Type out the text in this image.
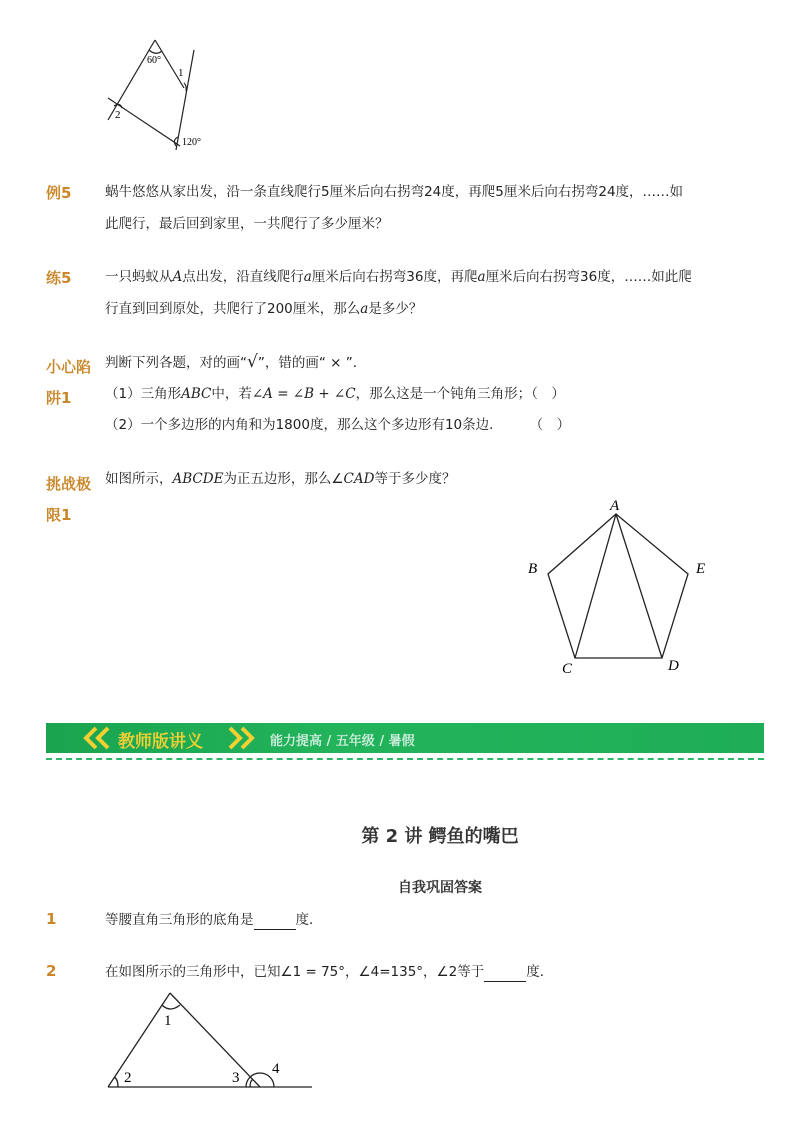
60°
1
2
120°
例5 蜗牛悠悠从家出发，沿一条直线爬行5厘米后向右拐弯24度，再爬5厘米后向右拐弯24度，……如
此爬行，最后回到家里，一共爬行了多少厘米？
练5 一只蚂蚁从A点出发，沿直线爬行a厘米后向右拐弯36度，再爬a厘米后向右拐弯36度，……如此爬
行直到回到原处，共爬行了200厘米，那么a是多少？
小心陷
阱1
判断下列各题，对的画“√”，错的画“ × ”．
（1）三角形ABC中，若∠A = ∠B + ∠C，那么这是一个钝角三角形；（　）
（2）一个多边形的内角和为1800度，那么这个多边形有10条边．　　　（　）
挑战极
限1
如图所示，ABCDE为正五边形，那么∠CAD等于多少度？
A
B
C	D
E
教师版讲义	能力提高 / 五年级 / 暑假
第 2 讲 鳄鱼的嘴巴
自我巩固答案
1	等腰直角三角形的底角是	度．
2	在如图所示的三角形中，已知∠1 = 75°，∠4=135°，∠2等于	度．
1
2	3
4
